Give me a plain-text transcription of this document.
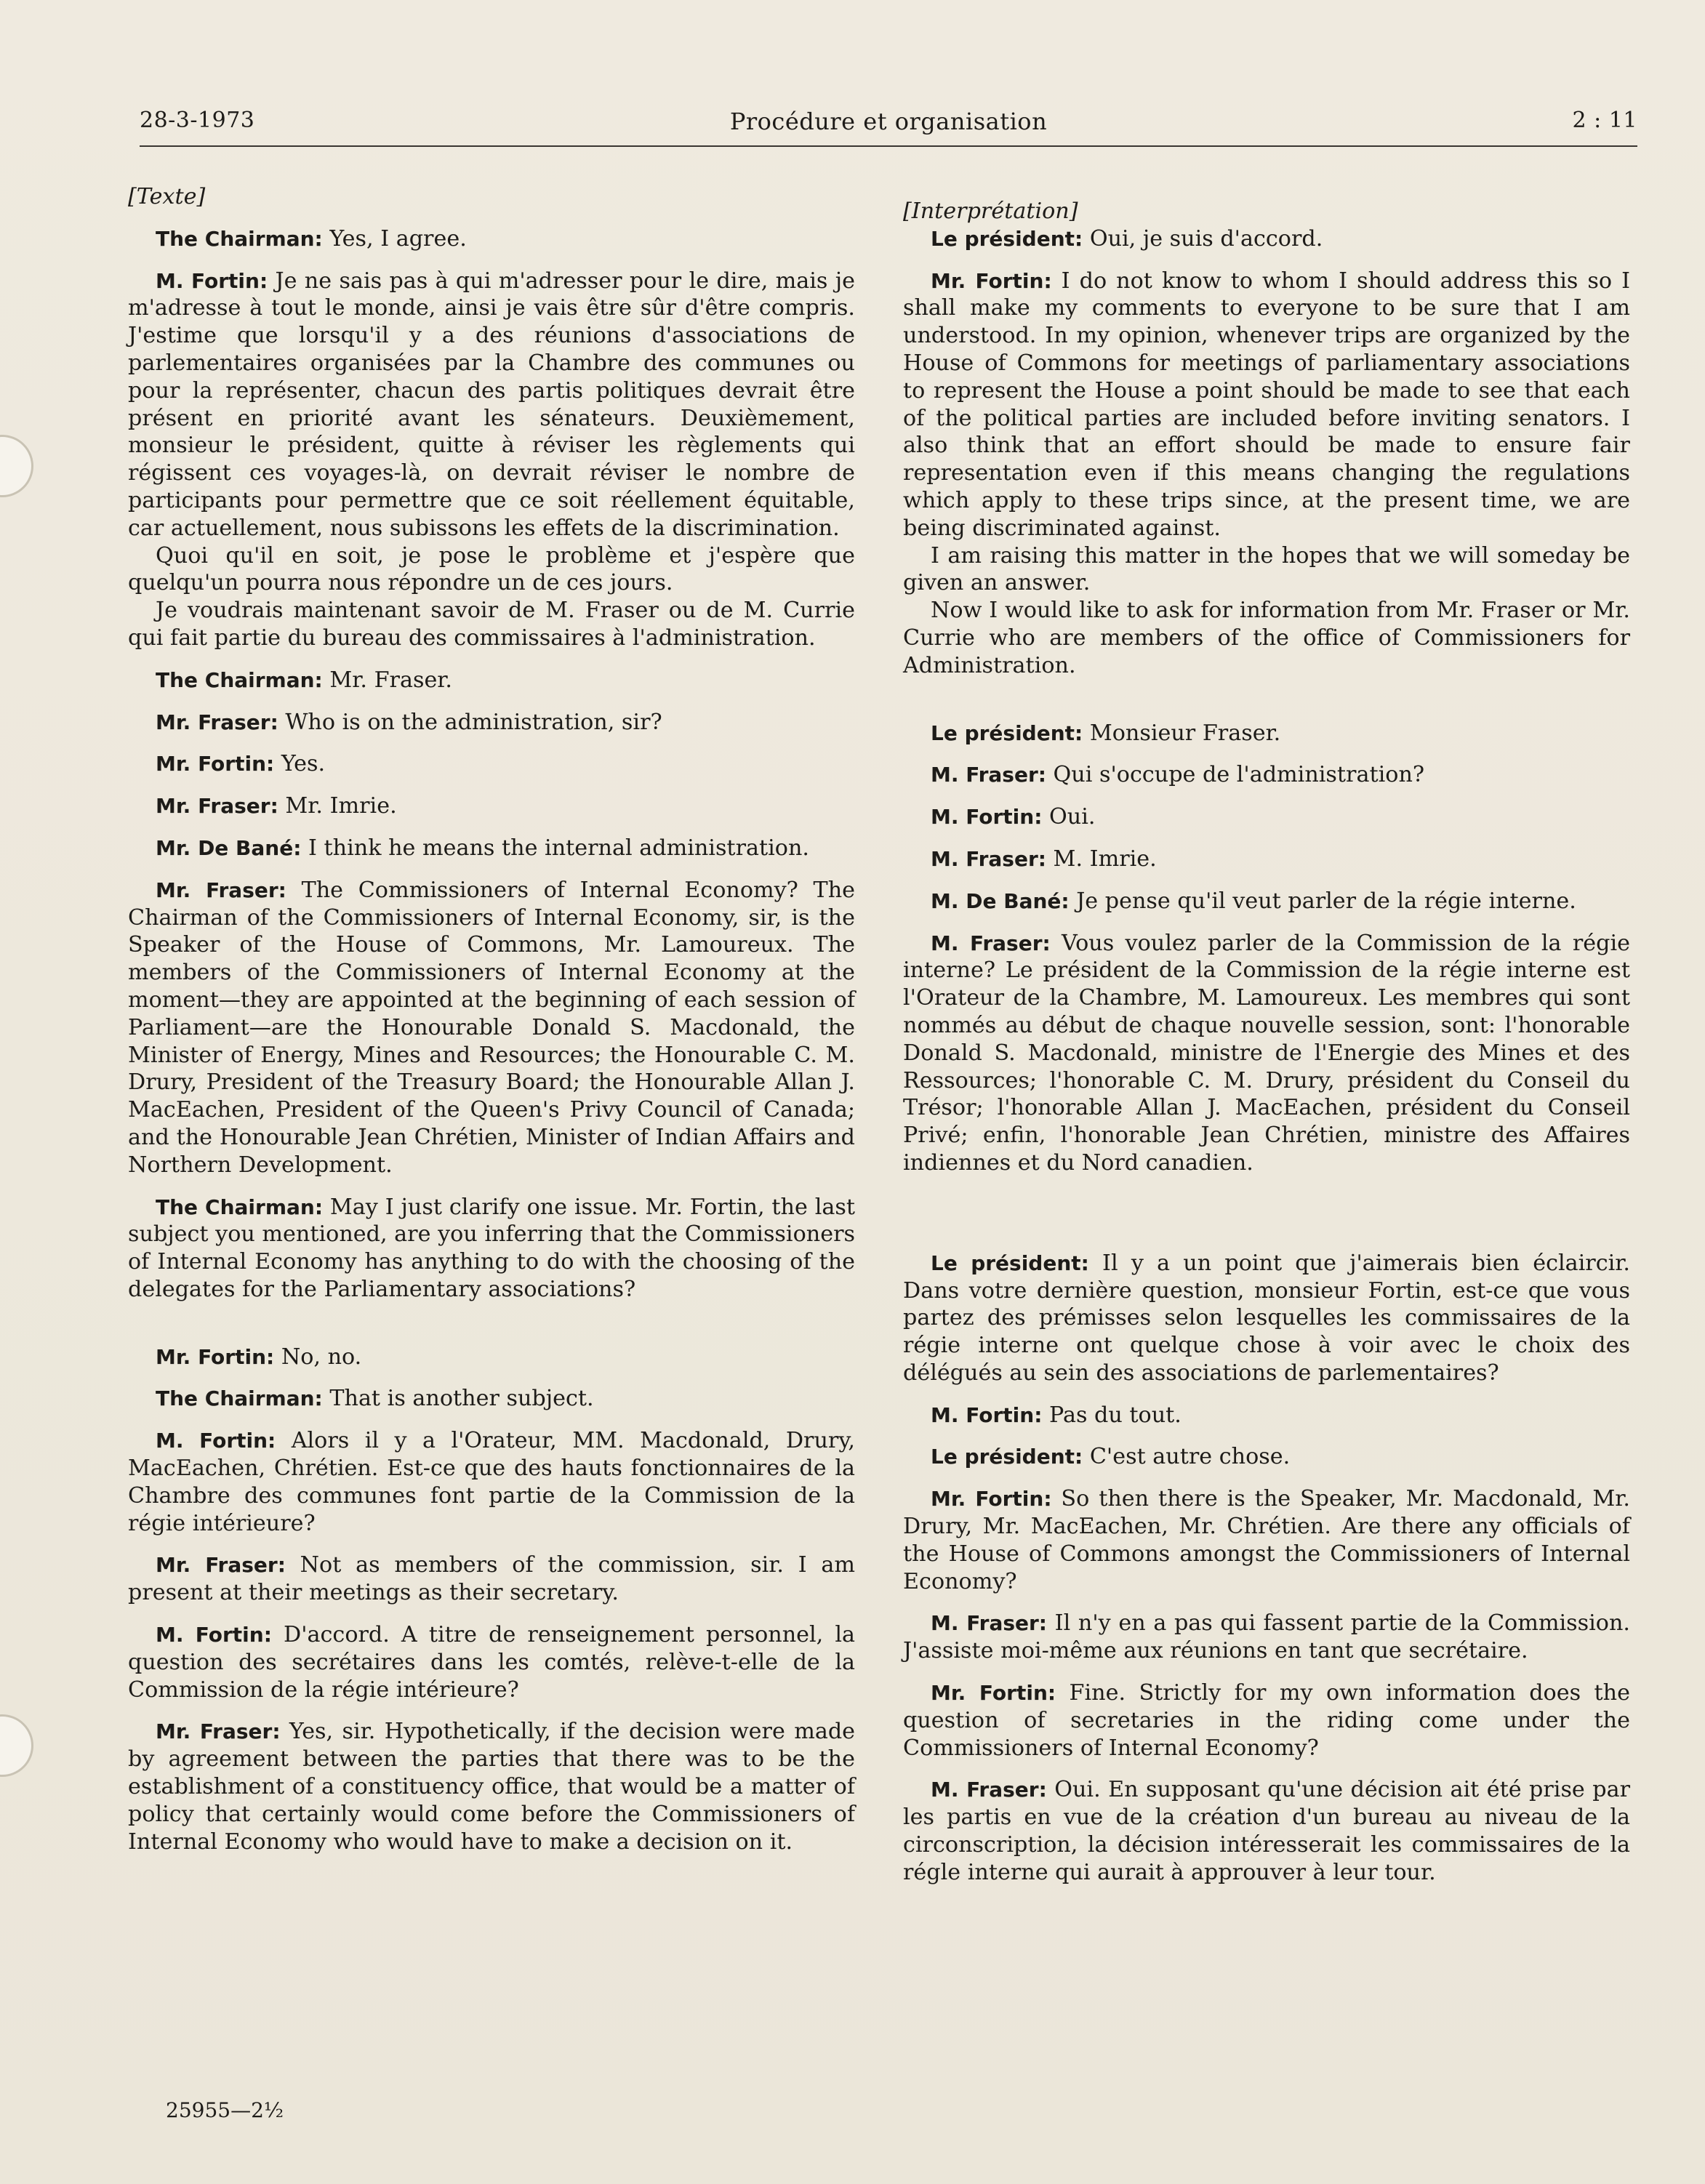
28-3-1973	Procédure et organisation	2 : 11

[Texte]

The Chairman: Yes, I agree.

M. Fortin: Je ne sais pas à qui m'adresser pour le dire, mais je m'adresse à tout le monde, ainsi je vais être sûr d'être compris. J'estime que lorsqu'il y a des réunions d'associations de parlementaires organisées par la Chambre des communes ou pour la représenter, chacun des partis politiques devrait être présent en priorité avant les sénateurs. Deuxièmement, monsieur le président, quitte à réviser les règlements qui régissent ces voyages-là, on devrait réviser le nombre de participants pour permettre que ce soit réellement équitable, car actuellement, nous subissons les effets de la discrimination.

Quoi qu'il en soit, je pose le problème et j'espère que quelqu'un pourra nous répondre un de ces jours.

Je voudrais maintenant savoir de M. Fraser ou de M. Currie qui fait partie du bureau des commissaires à l'administration.

The Chairman: Mr. Fraser.

Mr. Fraser: Who is on the administration, sir?

Mr. Fortin: Yes.

Mr. Fraser: Mr. Imrie.

Mr. De Bané: I think he means the internal administration.

Mr. Fraser: The Commissioners of Internal Economy? The Chairman of the Commissioners of Internal Economy, sir, is the Speaker of the House of Commons, Mr. Lamoureux. The members of the Commissioners of Internal Economy at the moment—they are appointed at the beginning of each session of Parliament—are the Honourable Donald S. Macdonald, the Minister of Energy, Mines and Resources; the Honourable C. M. Drury, President of the Treasury Board; the Honourable Allan J. MacEachen, President of the Queen's Privy Council of Canada; and the Honourable Jean Chrétien, Minister of Indian Affairs and Northern Development.

The Chairman: May I just clarify one issue. Mr. Fortin, the last subject you mentioned, are you inferring that the Commissioners of Internal Economy has anything to do with the choosing of the delegates for the Parliamentary associations?

Mr. Fortin: No, no.

The Chairman: That is another subject.

M. Fortin: Alors il y a l'Orateur, MM. Macdonald, Drury, MacEachen, Chrétien. Est-ce que des hauts fonctionnaires de la Chambre des communes font partie de la Commission de la régie intérieure?

Mr. Fraser: Not as members of the commission, sir. I am present at their meetings as their secretary.

M. Fortin: D'accord. A titre de renseignement personnel, la question des secrétaires dans les comtés, relève-t-elle de la Commission de la régie intérieure?

Mr. Fraser: Yes, sir. Hypothetically, if the decision were made by agreement between the parties that there was to be the establishment of a constituency office, that would be a matter of policy that certainly would come before the Commissioners of Internal Economy who would have to make a decision on it.

[Interprétation]

Le président: Oui, je suis d'accord.

Mr. Fortin: I do not know to whom I should address this so I shall make my comments to everyone to be sure that I am understood. In my opinion, whenever trips are organized by the House of Commons for meetings of parliamentary associations to represent the House a point should be made to see that each of the political parties are included before inviting senators. I also think that an effort should be made to ensure fair representation even if this means changing the regulations which apply to these trips since, at the present time, we are being discriminated against.

I am raising this matter in the hopes that we will someday be given an answer.

Now I would like to ask for information from Mr. Fraser or Mr. Currie who are members of the office of Commissioners for Administration.

Le président: Monsieur Fraser.

M. Fraser: Qui s'occupe de l'administration?

M. Fortin: Oui.

M. Fraser: M. Imrie.

M. De Bané: Je pense qu'il veut parler de la régie interne.

M. Fraser: Vous voulez parler de la Commission de la régie interne? Le président de la Commission de la régie interne est l'Orateur de la Chambre, M. Lamoureux. Les membres qui sont nommés au début de chaque nouvelle session, sont: l'honorable Donald S. Macdonald, ministre de l'Energie des Mines et des Ressources; l'honorable C. M. Drury, président du Conseil du Trésor; l'honorable Allan J. MacEachen, président du Conseil Privé; enfin, l'honorable Jean Chrétien, ministre des Affaires indiennes et du Nord canadien.

Le président: Il y a un point que j'aimerais bien éclaircir. Dans votre dernière question, monsieur Fortin, est-ce que vous partez des prémisses selon lesquelles les commissaires de la régie interne ont quelque chose à voir avec le choix des délégués au sein des associations de parlementaires?

M. Fortin: Pas du tout.

Le président: C'est autre chose.

Mr. Fortin: So then there is the Speaker, Mr. Macdonald, Mr. Drury, Mr. MacEachen, Mr. Chrétien. Are there any officials of the House of Commons amongst the Commissioners of Internal Economy?

M. Fraser: Il n'y en a pas qui fassent partie de la Commission. J'assiste moi-même aux réunions en tant que secrétaire.

Mr. Fortin: Fine. Strictly for my own information does the question of secretaries in the riding come under the Commissioners of Internal Economy?

M. Fraser: Oui. En supposant qu'une décision ait été prise par les partis en vue de la création d'un bureau au niveau de la circonscription, la décision intéresserait les commissaires de la régle interne qui aurait à approuver à leur tour.

25955—2½
